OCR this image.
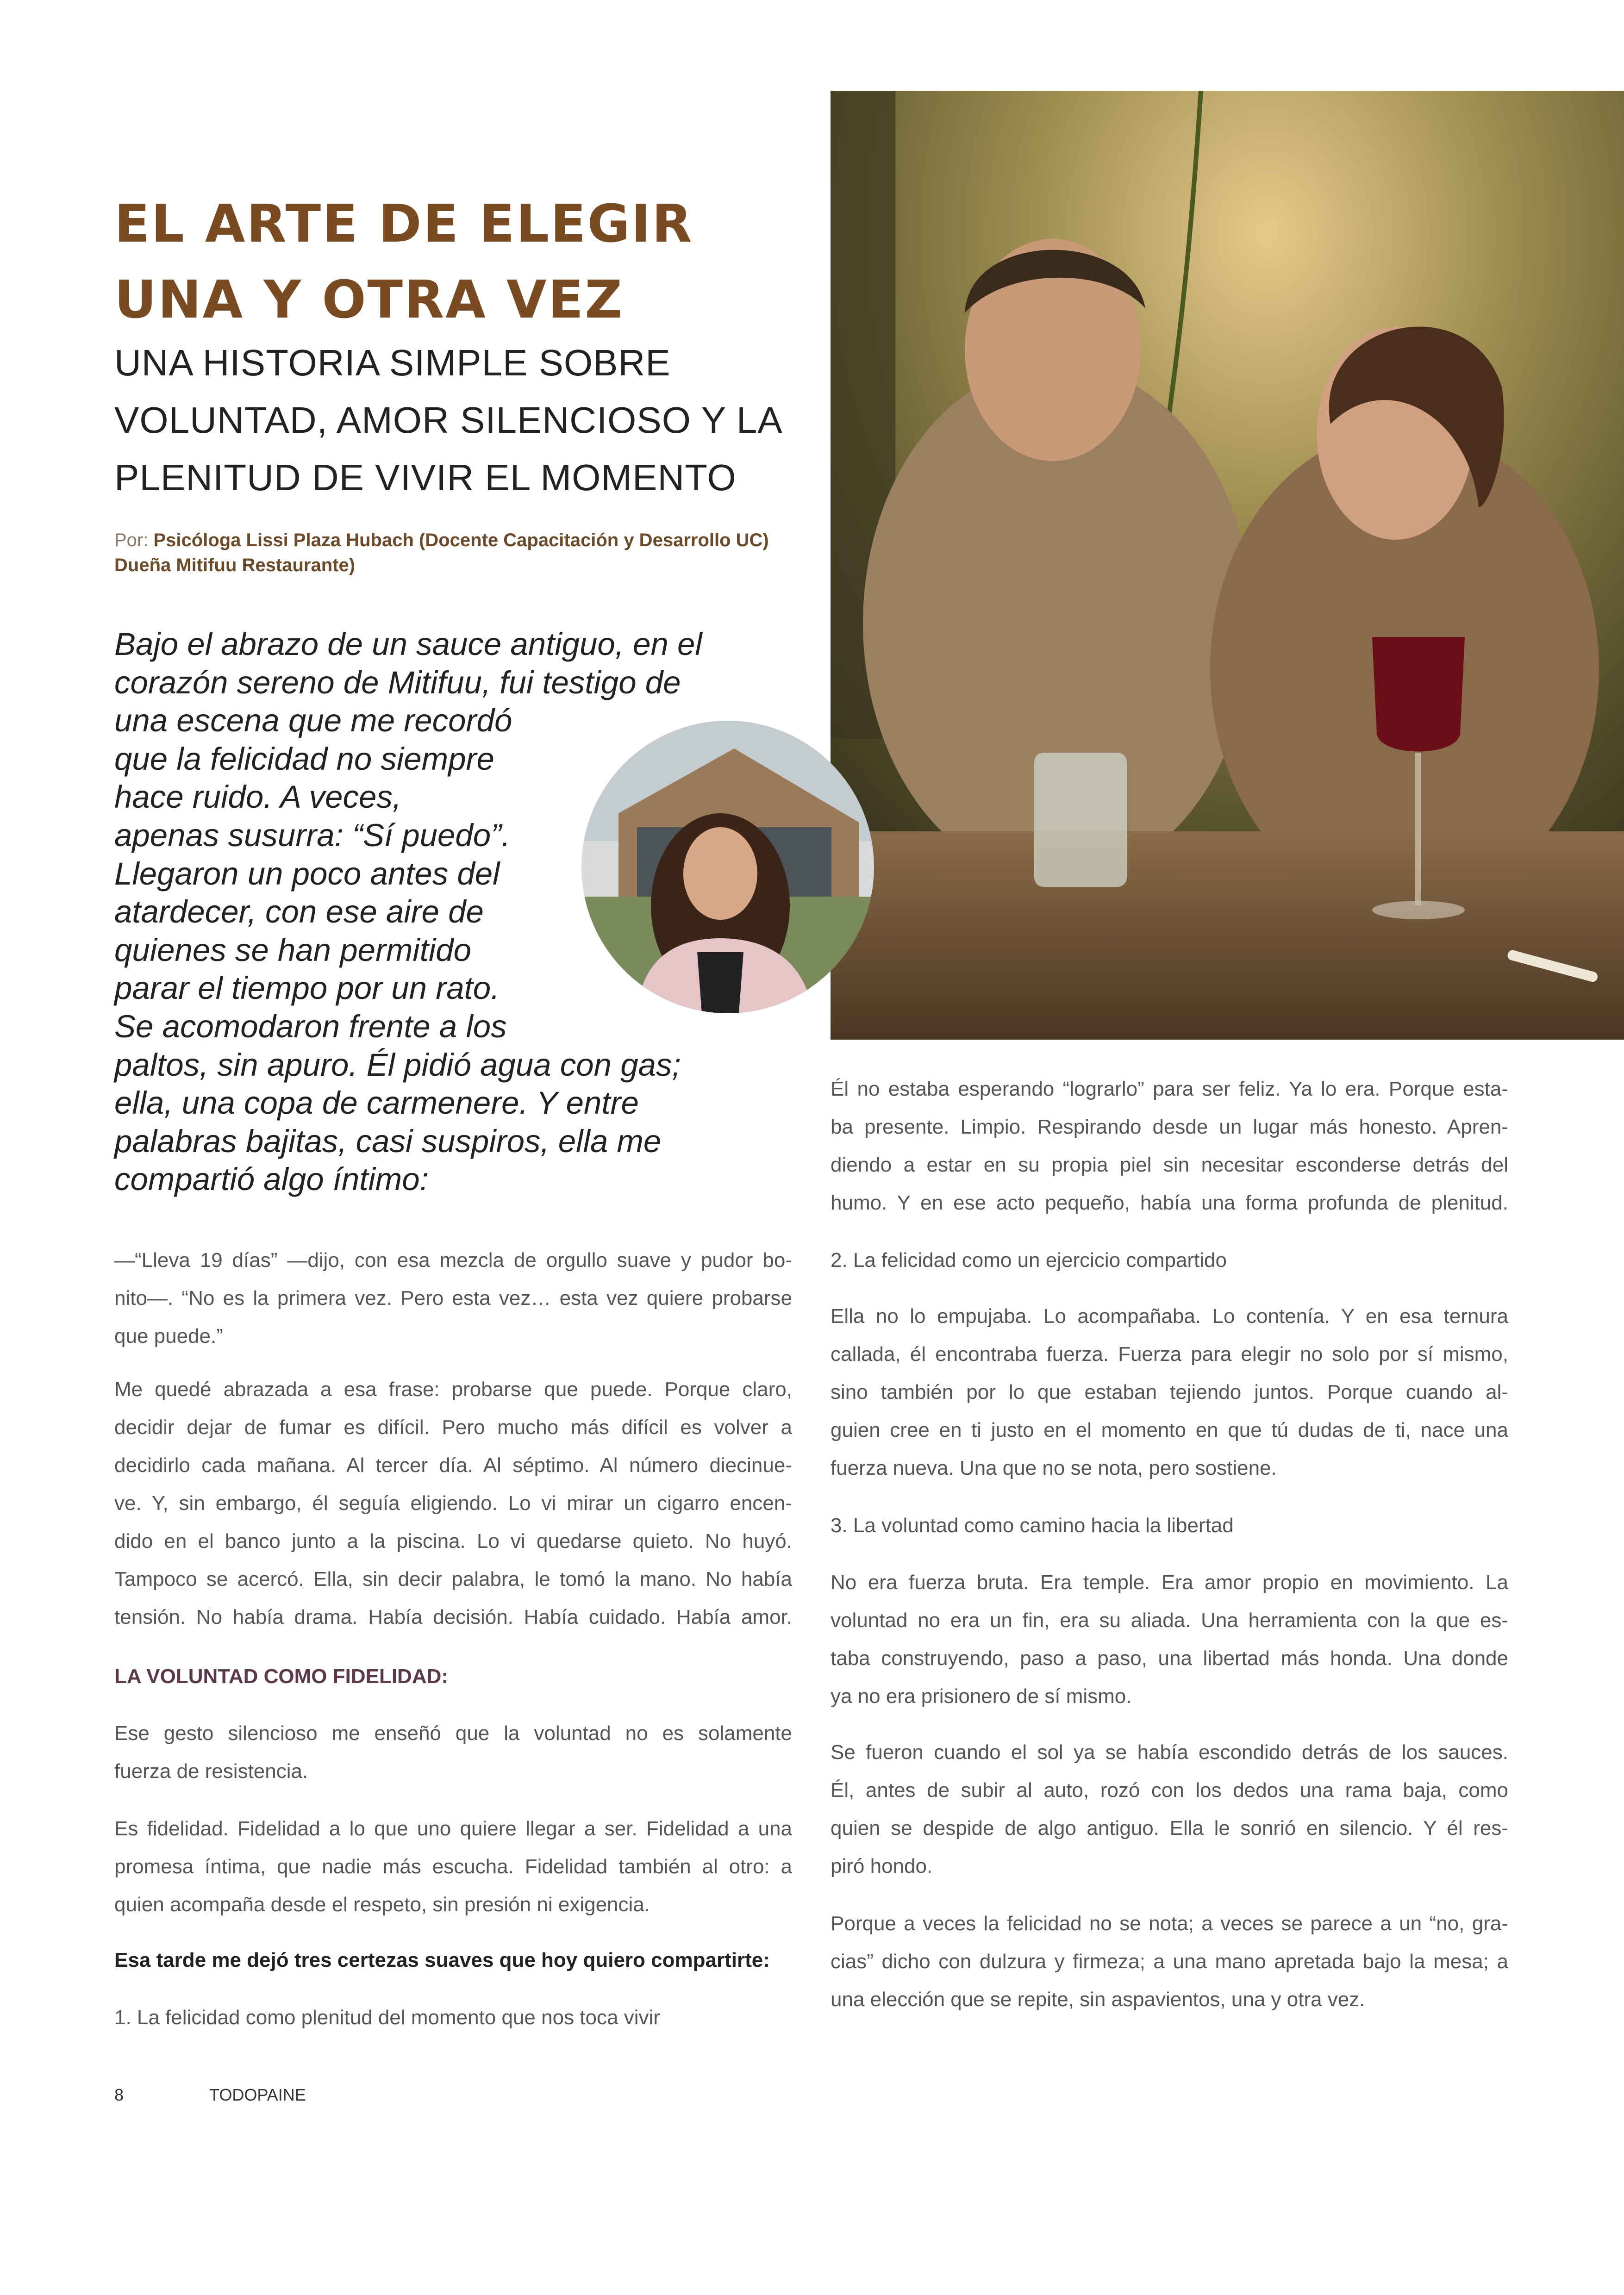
EL ARTE DE ELEGIR
UNA Y OTRA VEZ
UNA HISTORIA SIMPLE SOBRE
VOLUNTAD, AMOR SILENCIOSO Y LA
PLENITUD DE VIVIR EL MOMENTO
Por: Psicóloga Lissi Plaza Hubach (Docente Capacitación y Desarrollo UC)
Dueña Mitifuu Restaurante)
Bajo el abrazo de un sauce antiguo, en el
corazón sereno de Mitifuu, fui testigo de
una escena que me recordó
que la felicidad no siempre
hace ruido. A veces,
apenas susurra: “Sí puedo”.
Llegaron un poco antes del
atardecer, con ese aire de
quienes se han permitido
parar el tiempo por un rato.
Se acomodaron frente a los
paltos, sin apuro. Él pidió agua con gas;
ella, una copa de carmenere. Y entre
palabras bajitas, casi suspiros, ella me
compartió algo íntimo:
—“Lleva 19 días” —dijo, con esa mezcla de orgullo suave y pudor bo-
nito—. “No es la primera vez. Pero esta vez… esta vez quiere probarse
que puede.”
Me quedé abrazada a esa frase: probarse que puede. Porque claro,
decidir dejar de fumar es difícil. Pero mucho más difícil es volver a
decidirlo cada mañana. Al tercer día. Al séptimo. Al número diecinue-
ve. Y, sin embargo, él seguía eligiendo. Lo vi mirar un cigarro encen-
dido en el banco junto a la piscina. Lo vi quedarse quieto. No huyó.
Tampoco se acercó. Ella, sin decir palabra, le tomó la mano. No había
tensión. No había drama. Había decisión. Había cuidado. Había amor.
LA VOLUNTAD COMO FIDELIDAD:
Ese gesto silencioso me enseñó que la voluntad no es solamente
fuerza de resistencia.
Es fidelidad. Fidelidad a lo que uno quiere llegar a ser. Fidelidad a una
promesa íntima, que nadie más escucha. Fidelidad también al otro: a
quien acompaña desde el respeto, sin presión ni exigencia.
Esa tarde me dejó tres certezas suaves que hoy quiero compartirte:
1. La felicidad como plenitud del momento que nos toca vivir
Él no estaba esperando “lograrlo” para ser feliz. Ya lo era. Porque esta-
ba presente. Limpio. Respirando desde un lugar más honesto. Apren-
diendo a estar en su propia piel sin necesitar esconderse detrás del
humo. Y en ese acto pequeño, había una forma profunda de plenitud.
2. La felicidad como un ejercicio compartido
Ella no lo empujaba. Lo acompañaba. Lo contenía. Y en esa ternura
callada, él encontraba fuerza. Fuerza para elegir no solo por sí mismo,
sino también por lo que estaban tejiendo juntos. Porque cuando al-
guien cree en ti justo en el momento en que tú dudas de ti, nace una
fuerza nueva. Una que no se nota, pero sostiene.
3. La voluntad como camino hacia la libertad
No era fuerza bruta. Era temple. Era amor propio en movimiento. La
voluntad no era un fin, era su aliada. Una herramienta con la que es-
taba construyendo, paso a paso, una libertad más honda. Una donde
ya no era prisionero de sí mismo.
Se fueron cuando el sol ya se había escondido detrás de los sauces.
Él, antes de subir al auto, rozó con los dedos una rama baja, como
quien se despide de algo antiguo. Ella le sonrió en silencio. Y él res-
piró hondo.
Porque a veces la felicidad no se nota; a veces se parece a un “no, gra-
cias” dicho con dulzura y firmeza; a una mano apretada bajo la mesa; a
una elección que se repite, sin aspavientos, una y otra vez.
8	TODOPAINE
